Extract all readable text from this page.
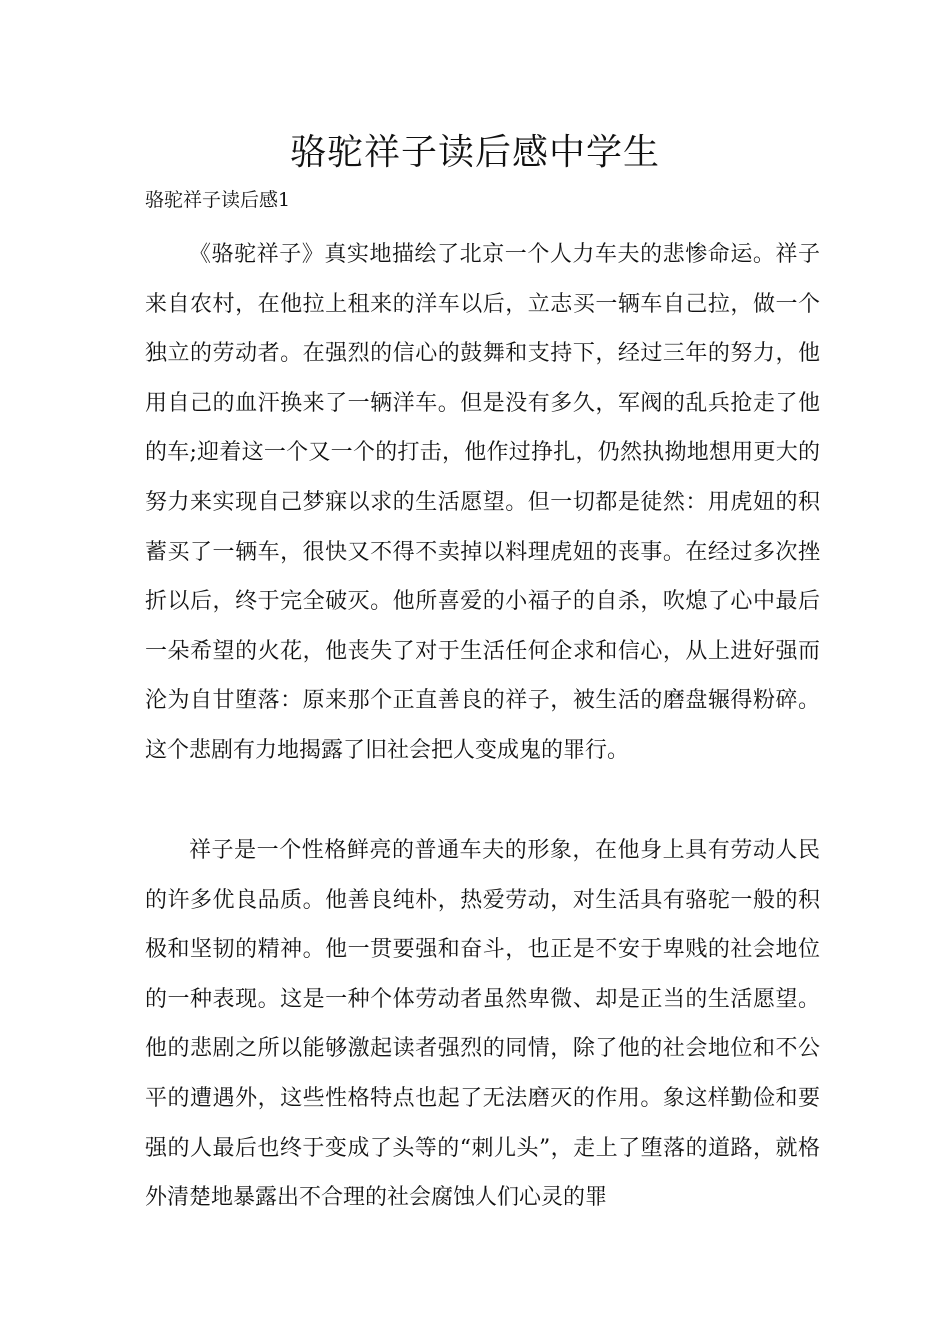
骆驼祥子读后感中学生

骆驼祥子读后感1

《骆驼祥子》真实地描绘了北京一个人力车夫的悲惨命运。祥子来自农村，在他拉上租来的洋车以后，立志买一辆车自己拉，做一个独立的劳动者。在强烈的信心的鼓舞和支持下，经过三年的努力，他用自己的血汗换来了一辆洋车。但是没有多久，军阀的乱兵抢走了他的车;迎着这一个又一个的打击，他作过挣扎，仍然执拗地想用更大的努力来实现自己梦寐以求的生活愿望。但一切都是徒然：用虎妞的积蓄买了一辆车，很快又不得不卖掉以料理虎妞的丧事。在经过多次挫折以后，终于完全破灭。他所喜爱的小福子的自杀，吹熄了心中最后一朵希望的火花，他丧失了对于生活任何企求和信心，从上进好强而沦为自甘堕落：原来那个正直善良的祥子，被生活的磨盘辗得粉碎。这个悲剧有力地揭露了旧社会把人变成鬼的罪行。

祥子是一个性格鲜亮的普通车夫的形象，在他身上具有劳动人民的许多优良品质。他善良纯朴，热爱劳动，对生活具有骆驼一般的积极和坚韧的精神。他一贯要强和奋斗，也正是不安于卑贱的社会地位的一种表现。这是一种个体劳动者虽然卑微、却是正当的生活愿望。他的悲剧之所以能够激起读者强烈的同情，除了他的社会地位和不公平的遭遇外，这些性格特点也起了无法磨灭的作用。象这样勤俭和要强的人最后也终于变成了头等的“刺儿头”，走上了堕落的道路，就格外清楚地暴露出不合理的社会腐蚀人们心灵的罪
